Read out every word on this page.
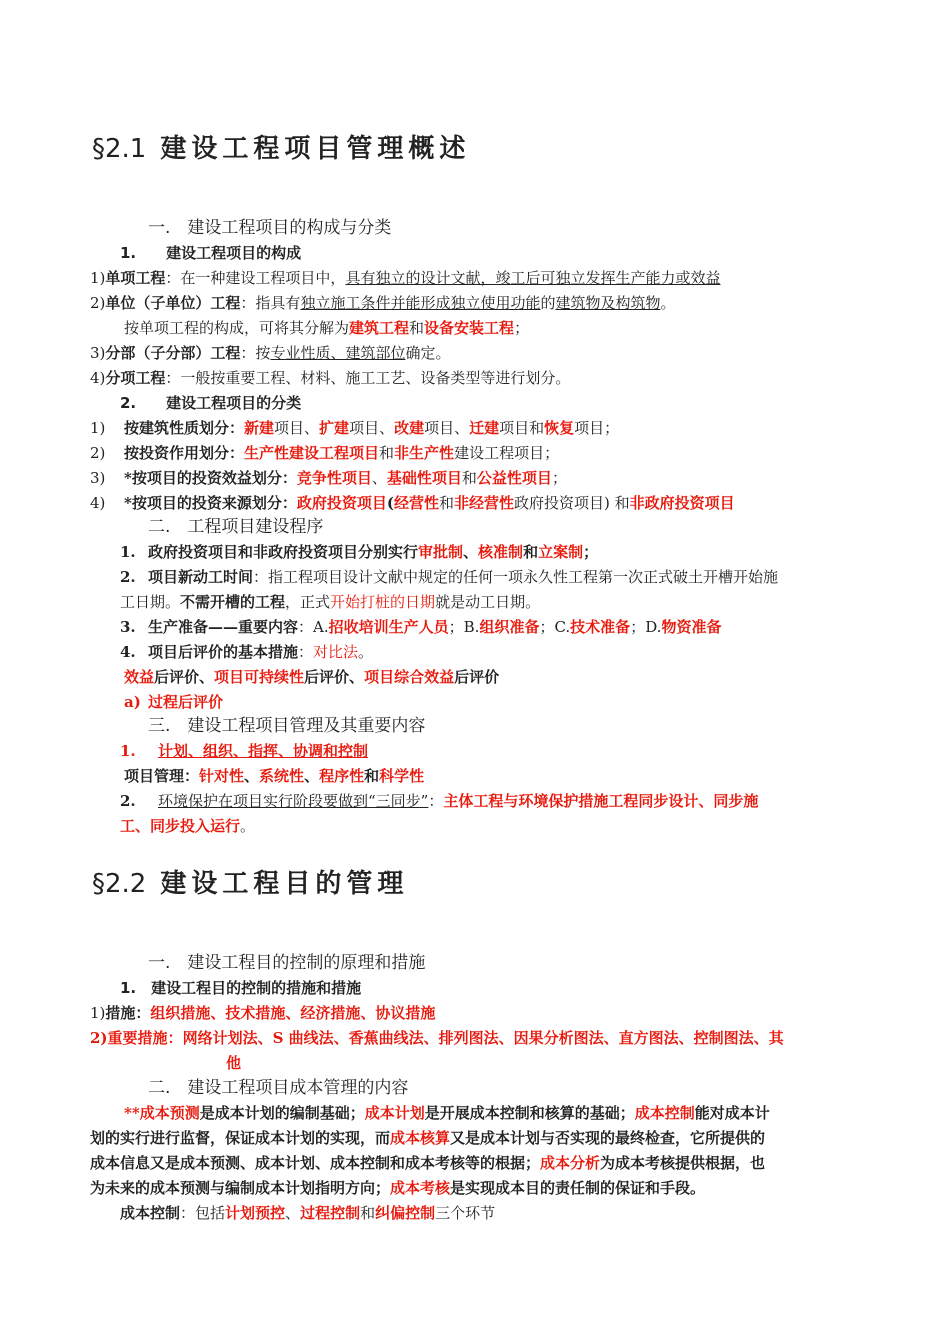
§2.1 建设工程项目管理概述
一.　建设工程项目的构成与分类
1.　　建设工程项目的构成
1)单项工程：在一种建设工程项目中，具有独立的设计文献，竣工后可独立发挥生产能力或效益
2)单位（子单位）工程：指具有独立施工条件并能形成独立使用功能的建筑物及构筑物。
按单项工程的构成，可将其分解为建筑工程和设备安装工程；
3)分部（子分部）工程：按专业性质、建筑部位确定。
4)分项工程：一般按重要工程、材料、施工工艺、设备类型等进行划分。
2.　　建设工程项目的分类
1) 按建筑性质划分：新建项目、扩建项目、改建项目、迁建项目和恢复项目；
2) 按投资作用划分：生产性建设工程项目和非生产性建设工程项目；
3) *按项目的投资效益划分：竞争性项目、基础性项目和公益性项目；
4) *按项目的投资来源划分：政府投资项目(经营性和非经营性政府投资项目) 和非政府投资项目
二.　工程项目建设程序
1. 政府投资项目和非政府投资项目分别实行审批制、核准制和立案制；
2. 项目新动工时间：指工程项目设计文献中规定的任何一项永久性工程第一次正式破土开槽开始施
工日期。不需开槽的工程，正式开始打桩的日期就是动工日期。
3. 生产准备——重要内容：A.招收培训生产人员；B.组织准备；C.技术准备；D.物资准备
4. 项目后评价的基本措施：对比法。
效益后评价、项目可持续性后评价、项目综合效益后评价
a) 过程后评价
三.　建设工程项目管理及其重要内容
1. 计划、组织、指挥、协调和控制
项目管理：针对性、系统性、程序性和科学性
2. 环境保护在项目实行阶段要做到“三同步”：主体工程与环境保护措施工程同步设计、同步施
工、同步投入运行。
§2.2 建设工程目的管理
一.　建设工程目的控制的原理和措施
1.　建设工程目的控制的措施和措施
1)措施：组织措施、技术措施、经济措施、协议措施
2)重要措施：网络计划法、S 曲线法、香蕉曲线法、排列图法、因果分析图法、直方图法、控制图法、其
他
二.　建设工程项目成本管理的内容
**成本预测是成本计划的编制基础；成本计划是开展成本控制和核算的基础；成本控制能对成本计
划的实行进行监督，保证成本计划的实现，而成本核算又是成本计划与否实现的最终检查，它所提供的
成本信息又是成本预测、成本计划、成本控制和成本考核等的根据；成本分析为成本考核提供根据，也
为未来的成本预测与编制成本计划指明方向；成本考核是实现成本目的责任制的保证和手段。
成本控制：包括计划预控、过程控制和纠偏控制三个环节
